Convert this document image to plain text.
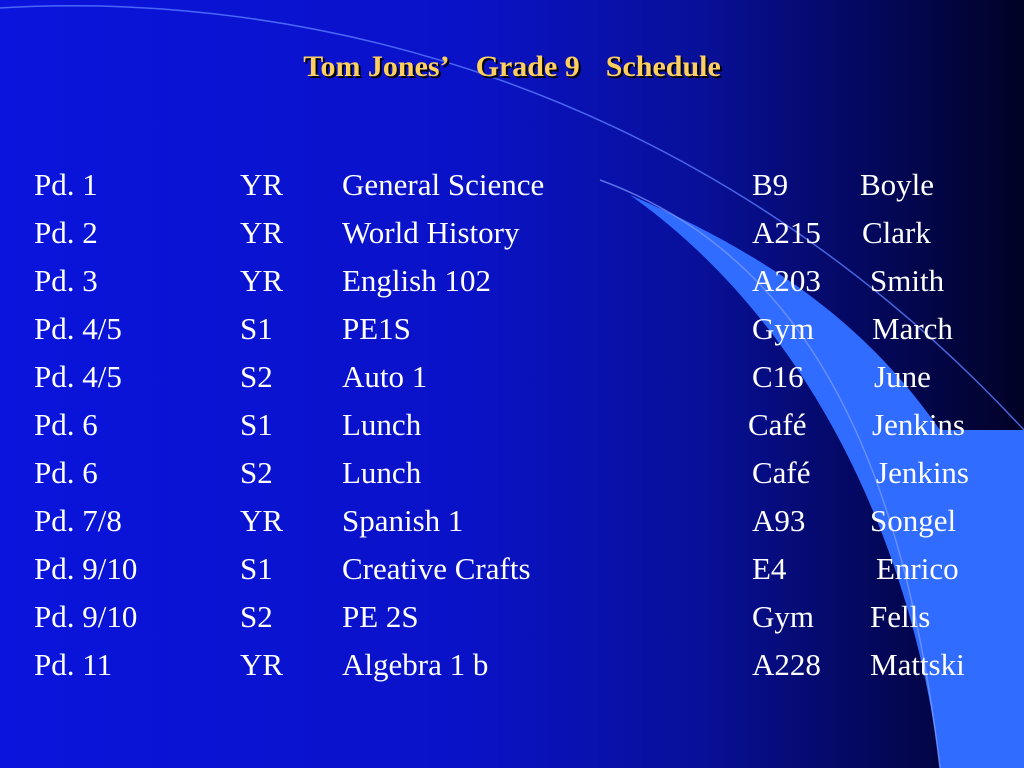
Tom Jones’ Grade 9 Schedule
Pd. 1	YR General Science	B9 Boyle
Pd. 2	YR World History	A215 Clark
Pd. 3	YR English 102	A203 Smith
Pd. 4/5	S1 PE1S	Gym March
Pd. 4/5	S2 Auto 1	C16 June
Pd. 6	S1 Lunch	Café Jenkins
Pd. 6	S2 Lunch	Café Jenkins
Pd. 7/8	YR Spanish 1	A93 Songel
Pd. 9/10	S1 Creative Crafts	E4	Enrico
Pd. 9/10	S2 PE 2S	Gym Fells
Pd. 11	YR Algebra 1 b	A228 Mattski
